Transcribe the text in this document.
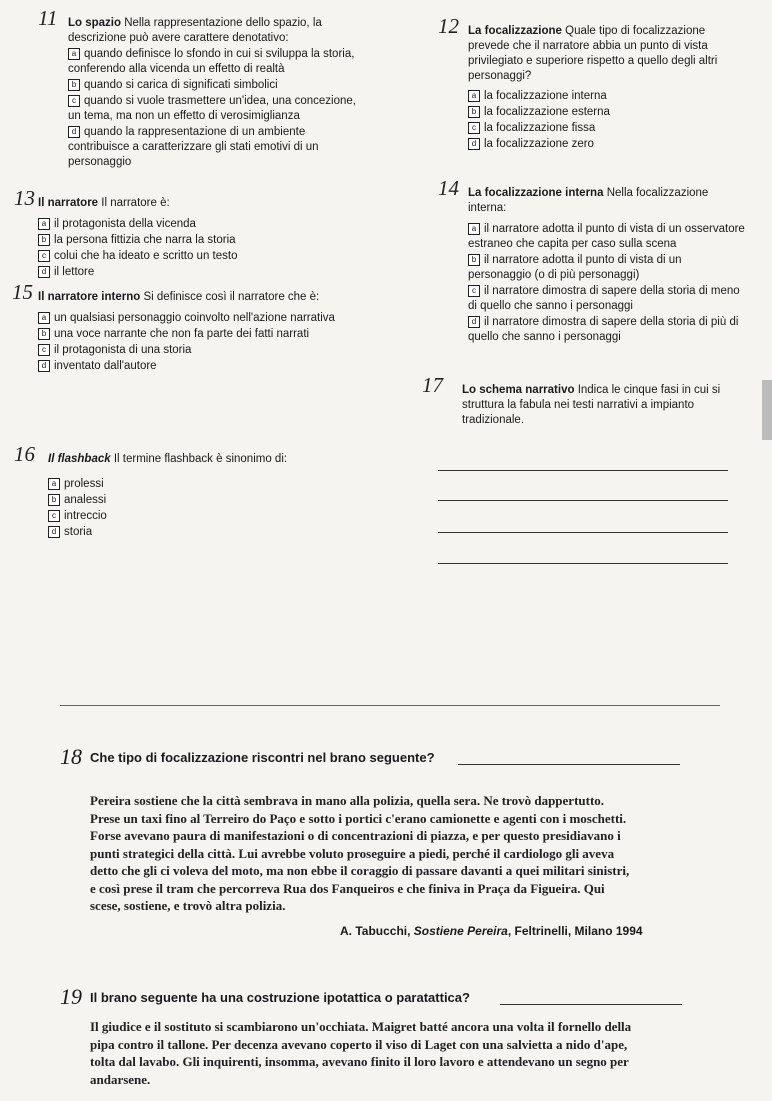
11 Lo spazio Nella rappresentazione dello spazio, la descrizione può avere carattere denotativo:
a quando definisce lo sfondo in cui si sviluppa la storia, conferendo alla vicenda un effetto di realtà
b quando si carica di significati simbolici
c quando si vuole trasmettere un'idea, una concezione, un tema, ma non un effetto di verosimiglianza
d quando la rappresentazione di un ambiente contribuisce a caratterizzare gli stati emotivi di un personaggio
12 La focalizzazione Quale tipo di focalizzazione prevede che il narratore abbia un punto di vista privilegiato e superiore rispetto a quello degli altri personaggi?
a la focalizzazione interna
b la focalizzazione esterna
c la focalizzazione fissa
d la focalizzazione zero
13 Il narratore Il narratore è:
a il protagonista della vicenda
b la persona fittizia che narra la storia
c colui che ha ideato e scritto un testo
d il lettore
14 La focalizzazione interna Nella focalizzazione interna:
a il narratore adotta il punto di vista di un osservatore estraneo che capita per caso sulla scena
b il narratore adotta il punto di vista di un personaggio (o di più personaggi)
c il narratore dimostra di sapere della storia di meno di quello che sanno i personaggi
d il narratore dimostra di sapere della storia di più di quello che sanno i personaggi
15 Il narratore interno Si definisce così il narratore che è:
a un qualsiasi personaggio coinvolto nell'azione narrativa
b una voce narrante che non fa parte dei fatti narrati
c il protagonista di una storia
d inventato dall'autore
17 Lo schema narrativo Indica le cinque fasi in cui si struttura la fabula nei testi narrativi a impianto tradizionale.
16 Il flashback Il termine flashback è sinonimo di:
a prolessi
b analessi
c intreccio
d storia
18 Che tipo di focalizzazione riscontri nel brano seguente?
Pereira sostiene che la città sembrava in mano alla polizia, quella sera. Ne trovò dappertutto. Prese un taxi fino al Terreiro do Paço e sotto i portici c'erano camionette e agenti con i moschetti. Forse avevano paura di manifestazioni o di concentrazioni di piazza, e per questo presidiavano i punti strategici della città. Lui avrebbe voluto proseguire a piedi, perché il cardiologo gli aveva detto che gli ci voleva del moto, ma non ebbe il coraggio di passare davanti a quei militari sinistri, e così prese il tram che percorreva Rua dos Fanqueiros e che finiva in Praça da Figueira. Qui scese, sostiene, e trovò altra polizia.
A. Tabucchi, Sostiene Pereira, Feltrinelli, Milano 1994
19 Il brano seguente ha una costruzione ipotattica o paratattica?
Il giudice e il sostituto si scambiarono un'occhiata. Maigret batté ancora una volta il fornello della pipa contro il tallone. Per decenza avevano coperto il viso di Laget con una salvietta a nido d'ape, tolta dal lavabo. Gli inquirenti, insomma, avevano finito il loro lavoro e attendevano un segno per andarsene.
